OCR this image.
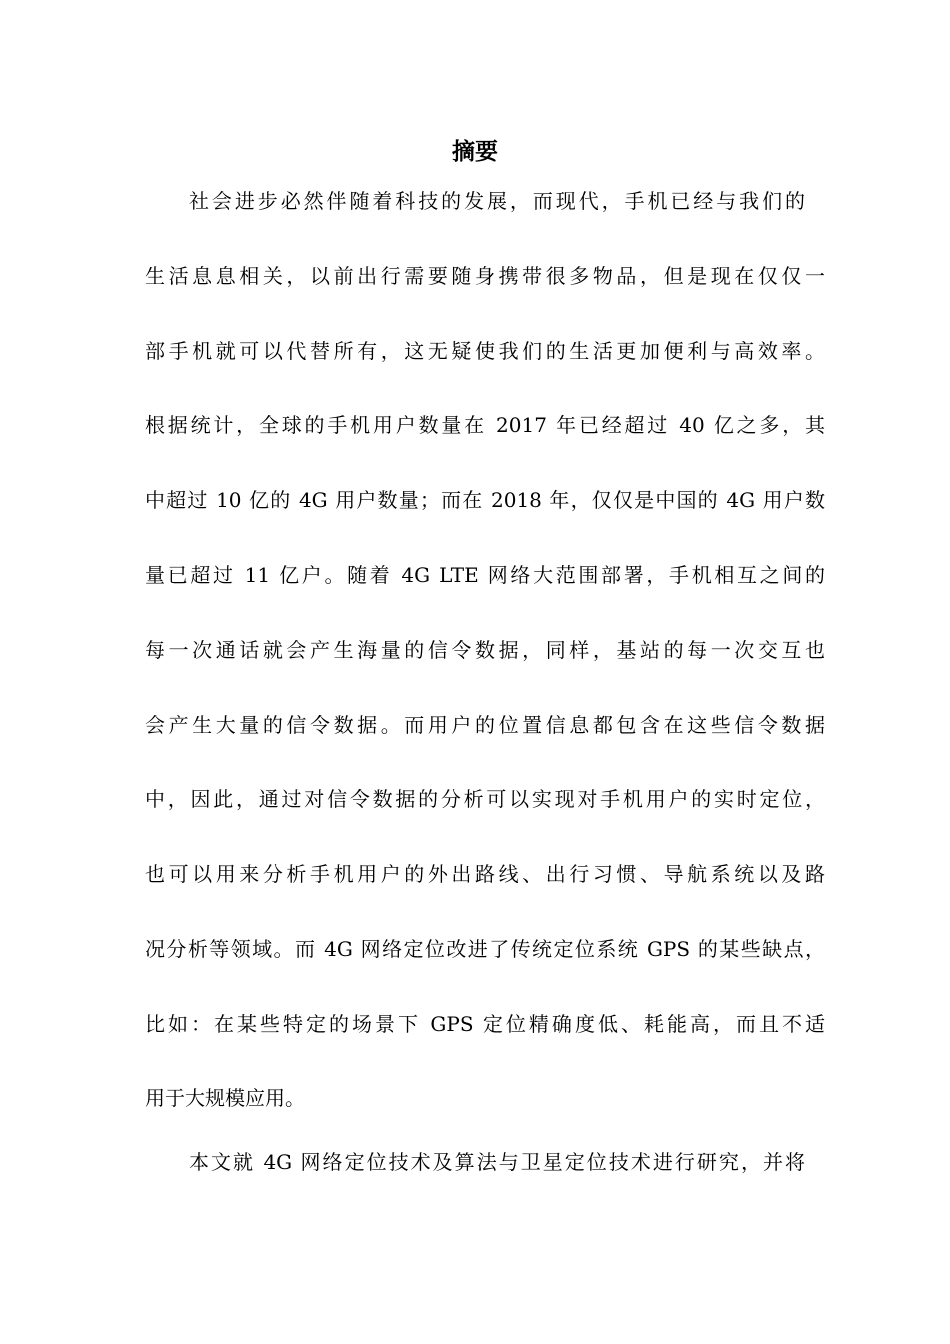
摘要
社会进步必然伴随着科技的发展，而现代，手机已经与我们的
生活息息相关，以前出行需要随身携带很多物品，但是现在仅仅一
部手机就可以代替所有，这无疑使我们的生活更加便利与高效率。
根据统计，全球的手机用户数量在 2017 年已经超过 40 亿之多，其
中超过 10 亿的 4G 用户数量；而在 2018 年，仅仅是中国的 4G 用户数
量已超过 11 亿户。随着 4G LTE 网络大范围部署，手机相互之间的
每一次通话就会产生海量的信令数据，同样，基站的每一次交互也
会产生大量的信令数据。而用户的位置信息都包含在这些信令数据
中，因此，通过对信令数据的分析可以实现对手机用户的实时定位，
也可以用来分析手机用户的外出路线、出行习惯、导航系统以及路
况分析等领域。而 4G 网络定位改进了传统定位系统 GPS 的某些缺点，
比如：在某些特定的场景下 GPS 定位精确度低、耗能高，而且不适
用于大规模应用。
本文就 4G 网络定位技术及算法与卫星定位技术进行研究，并将
